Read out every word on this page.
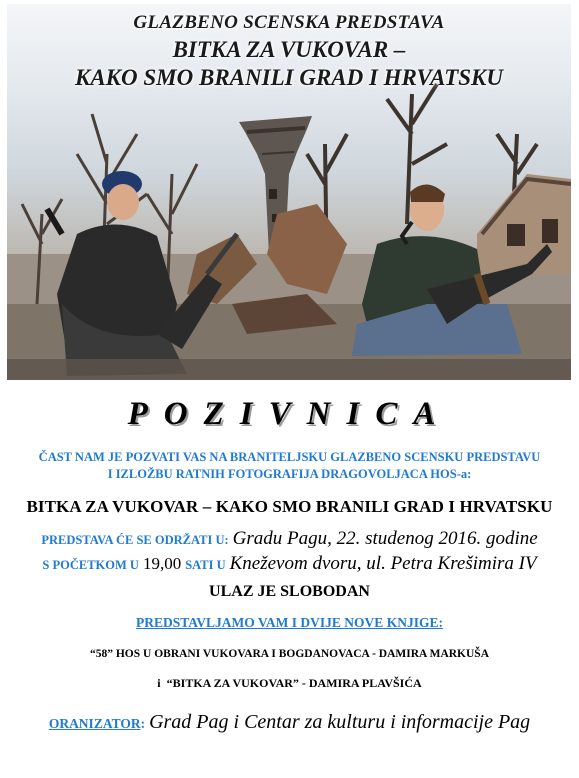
GLAZBENO SCENSKA PREDSTAVA
BITKA ZA VUKOVAR –
KAKO SMO BRANILI GRAD I HRVATSKU
POZIVNICA
ČAST NAM JE POZVATI VAS NA BRANITELJSKU GLAZBENO SCENSKU PREDSTAVU
I IZLOŽBU RATNIH FOTOGRAFIJA DRAGOVOLJACA HOS-a:
BITKA ZA VUKOVAR – KAKO SMO BRANILI GRAD I HRVATSKU
PREDSTAVA ĆE SE ODRŽATI U: Gradu Pagu, 22. studenog 2016. godine
S POČETKOM U 19,00 SATI U Kneževom dvoru, ul. Petra Krešimira IV
ULAZ JE SLOBODAN
PREDSTAVLJAMO VAM I DVIJE NOVE KNJIGE:
“58” HOS U OBRANI VUKOVARA I BOGDANOVACA - DAMIRA MARKUŠA
i “BITKA ZA VUKOVAR” - DAMIRA PLAVŠIĆA
ORANIZATOR: Grad Pag i Centar za kulturu i informacije Pag
